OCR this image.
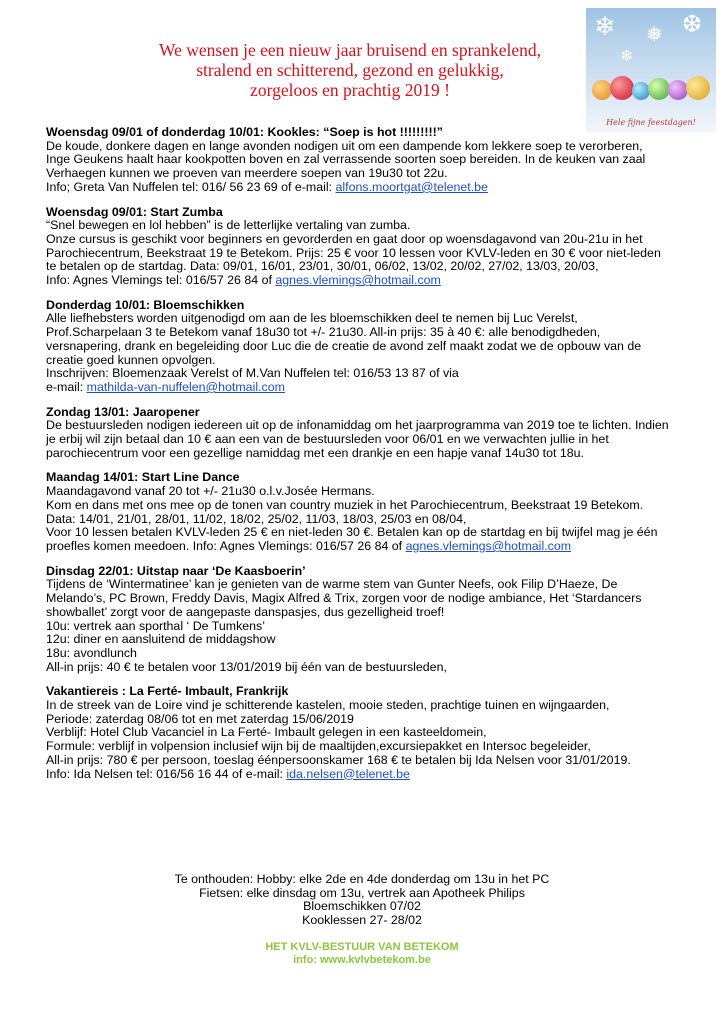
We wensen je een nieuw jaar bruisend en sprankelend,
stralend en schitterend, gezond en gelukkig,
zorgeloos en prachtig 2019 !
❄ ❅ ❆
❄
Hele fijne feestdagen!
Woensdag 09/01 of donderdag 10/01: Kookles: “Soep is hot !!!!!!!!!”
De koude, donkere dagen en lange avonden nodigen uit om een dampende kom lekkere soep te verorberen,
Inge Geukens haalt haar kookpotten boven en zal verrassende soorten soep bereiden. In de keuken van zaal
Verhaegen kunnen we proeven van meerdere soepen van 19u30 tot 22u.
Info; Greta Van Nuffelen tel: 016/ 56 23 69 of e-mail: alfons.moortgat@telenet.be
Woensdag 09/01: Start Zumba
“Snel bewegen en lol hebben” is de letterlijke vertaling van zumba.
Onze cursus is geschikt voor beginners en gevorderden en gaat door op woensdagavond van 20u-21u in het
Parochiecentrum, Beekstraat 19 te Betekom. Prijs: 25 € voor 10 lessen voor KVLV-leden en 30 € voor niet-leden
te betalen op de startdag. Data: 09/01, 16/01, 23/01, 30/01, 06/02, 13/02, 20/02, 27/02, 13/03, 20/03,
Info: Agnes Vlemings tel: 016/57 26 84 of agnes.vlemings@hotmail.com
Donderdag 10/01: Bloemschikken
Alle liefhebsters worden uitgenodigd om aan de les bloemschikken deel te nemen bij Luc Verelst,
Prof.Scharpelaan 3 te Betekom vanaf 18u30 tot +/- 21u30. All-in prijs: 35 à 40 €: alle benodigdheden,
versnapering, drank en begeleiding door Luc die de creatie de avond zelf maakt zodat we de opbouw van de
creatie goed kunnen opvolgen.
Inschrijven: Bloemenzaak Verelst of M.Van Nuffelen tel: 016/53 13 87 of via
e-mail: mathilda-van-nuffelen@hotmail.com
Zondag 13/01: Jaaropener
De bestuursleden nodigen iedereen uit op de infonamiddag om het jaarprogramma van 2019 toe te lichten. Indien
je erbij wil zijn betaal dan 10 € aan een van de bestuursleden voor 06/01 en we verwachten jullie in het
parochiecentrum voor een gezellige namiddag met een drankje en een hapje vanaf 14u30 tot 18u.
Maandag 14/01: Start Line Dance
Maandagavond vanaf 20 tot +/- 21u30 o.l.v.Josée Hermans.
Kom en dans met ons mee op de tonen van country muziek in het Parochiecentrum, Beekstraat 19 Betekom.
Data: 14/01, 21/01, 28/01, 11/02, 18/02, 25/02, 11/03, 18/03, 25/03 en 08/04,
Voor 10 lessen betalen KVLV-leden 25 € en niet-leden 30 €. Betalen kan op de startdag en bij twijfel mag je één
proefles komen meedoen. Info: Agnes Vlemings: 016/57 26 84 of agnes.vlemings@hotmail.com
Dinsdag 22/01: Uitstap naar ‘De Kaasboerin’
Tijdens de ‘Wintermatinee’ kan je genieten van de warme stem van Gunter Neefs, ook Filip D’Haeze, De
Melando’s, PC Brown, Freddy Davis, Magix Alfred & Trix, zorgen voor de nodige ambiance, Het ‘Stardancers
showballet’ zorgt voor de aangepaste danspasjes, dus gezelligheid troef!
10u: vertrek aan sporthal ‘ De Tumkens’
12u: diner en aansluitend de middagshow
18u: avondlunch
All-in prijs: 40 € te betalen voor 13/01/2019 bij één van de bestuursleden,
Vakantiereis : La Ferté- Imbault, Frankrijk
In de streek van de Loire vind je schitterende kastelen, mooie steden, prachtige tuinen en wijngaarden,
Periode: zaterdag 08/06 tot en met zaterdag 15/06/2019
Verblijf: Hotel Club Vacanciel in La Ferté- Imbault gelegen in een kasteeldomein,
Formule: verblijf in volpension inclusief wijn bij de maaltijden,excursiepakket en Intersoc begeleider,
All-in prijs: 780 € per persoon, toeslag éénpersoonskamer 168 € te betalen bij Ida Nelsen voor 31/01/2019.
Info: Ida Nelsen tel: 016/56 16 44 of e-mail: ida.nelsen@telenet.be
Te onthouden: Hobby: elke 2de en 4de donderdag om 13u in het PC
Fietsen: elke dinsdag om 13u, vertrek aan Apotheek Philips
Bloemschikken 07/02
Kooklessen 27- 28/02
HET KVLV-BESTUUR VAN BETEKOM
info: www.kvlvbetekom.be
